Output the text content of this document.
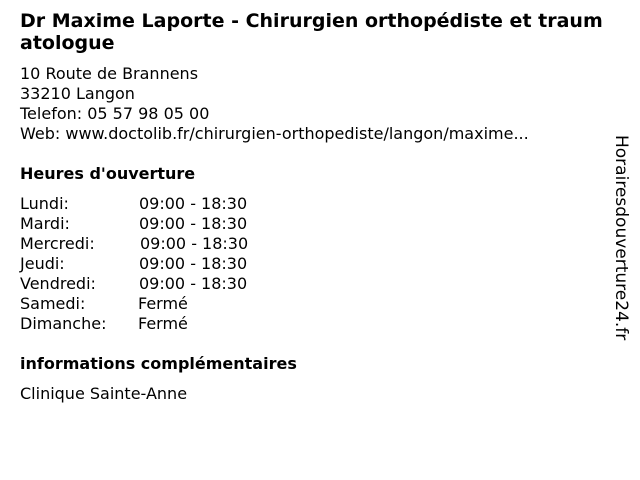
Dr Maxime Laporte - Chirurgien orthopédiste et traumatologue
10 Route de Brannens
33210 Langon
Telefon: 05 57 98 05 00
Web: www.doctolib.fr/chirurgien-orthopediste/langon/maxime...
Heures d'ouverture
Lundi:	09:00 - 18:30
Mardi:	09:00 - 18:30
Mercredi:	09:00 - 18:30
Jeudi:	09:00 - 18:30
Vendredi:	09:00 - 18:30
Samedi:	Fermé
Dimanche: Fermé
informations complémentaires
Clinique Sainte-Anne
Horairesdouverture24.fr
